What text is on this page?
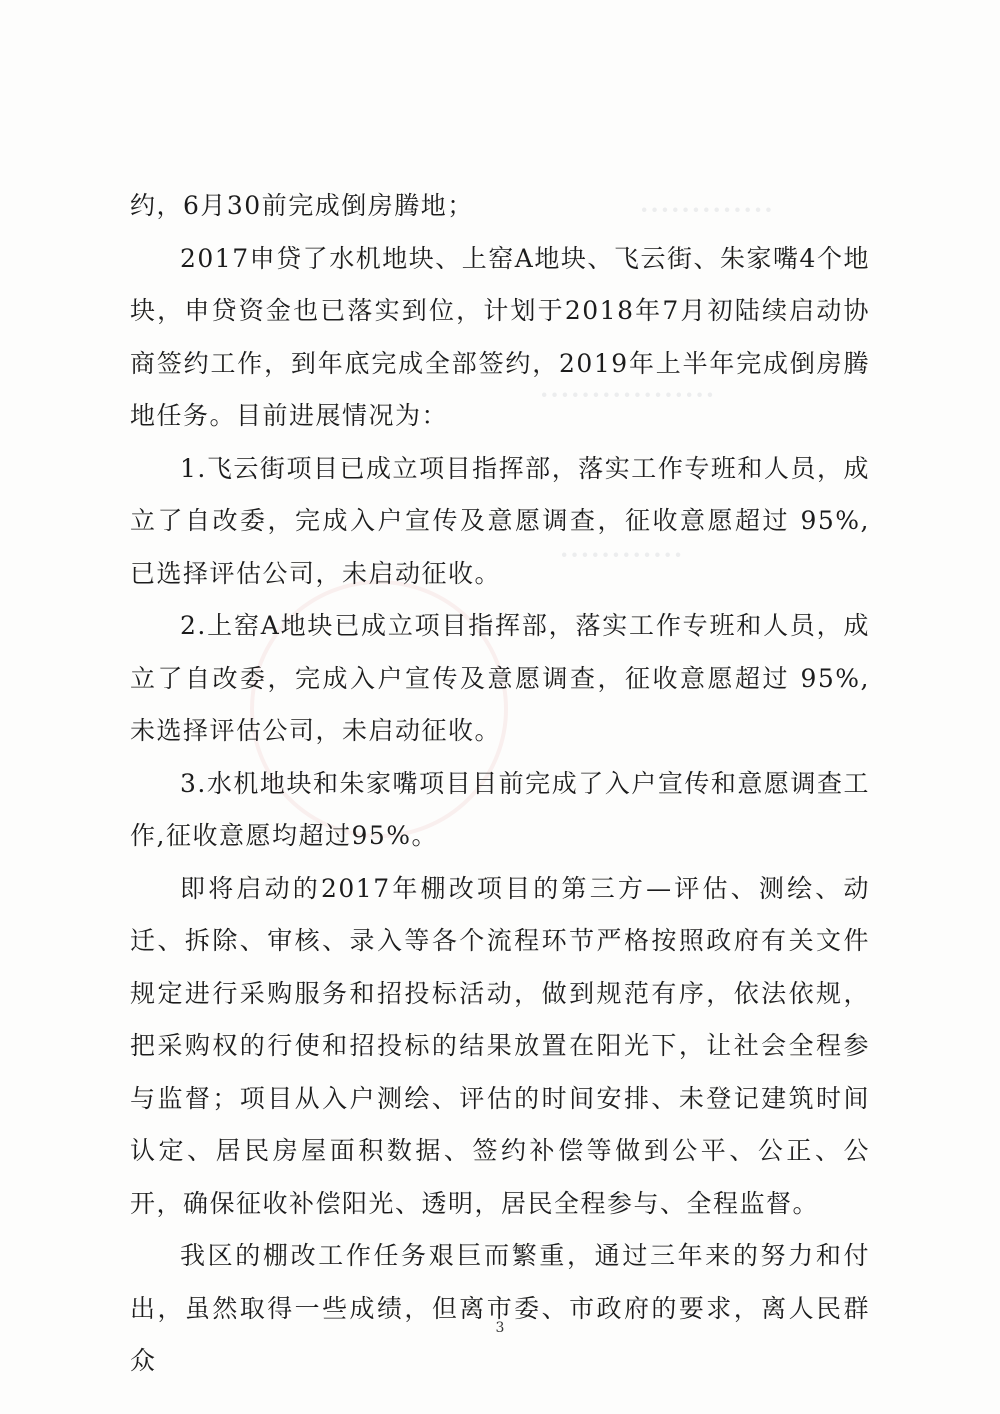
·············
·················
············

约，6月30前完成倒房腾地；

2017申贷了水机地块、上窑A地块、飞云街、朱家嘴4个地块，申贷资金也已落实到位，计划于2018年7月初陆续启动协商签约工作，到年底完成全部签约，2019年上半年完成倒房腾地任务。目前进展情况为：

1.飞云街项目已成立项目指挥部，落实工作专班和人员，成立了自改委，完成入户宣传及意愿调查，征收意愿超过 95%,已选择评估公司，未启动征收。

2.上窑A地块已成立项目指挥部，落实工作专班和人员，成立了自改委，完成入户宣传及意愿调查，征收意愿超过 95%,未选择评估公司，未启动征收。

3.水机地块和朱家嘴项目目前完成了入户宣传和意愿调查工作,征收意愿均超过95%。

即将启动的2017年棚改项目的第三方—评估、测绘、动迁、拆除、审核、录入等各个流程环节严格按照政府有关文件规定进行采购服务和招投标活动，做到规范有序，依法依规，把采购权的行使和招投标的结果放置在阳光下，让社会全程参与监督；项目从入户测绘、评估的时间安排、未登记建筑时间认定、居民房屋面积数据、签约补偿等做到公平、公正、公开，确保征收补偿阳光、透明，居民全程参与、全程监督。

我区的棚改工作任务艰巨而繁重，通过三年来的努力和付出，虽然取得一些成绩，但离市委、市政府的要求，离人民群众

3
